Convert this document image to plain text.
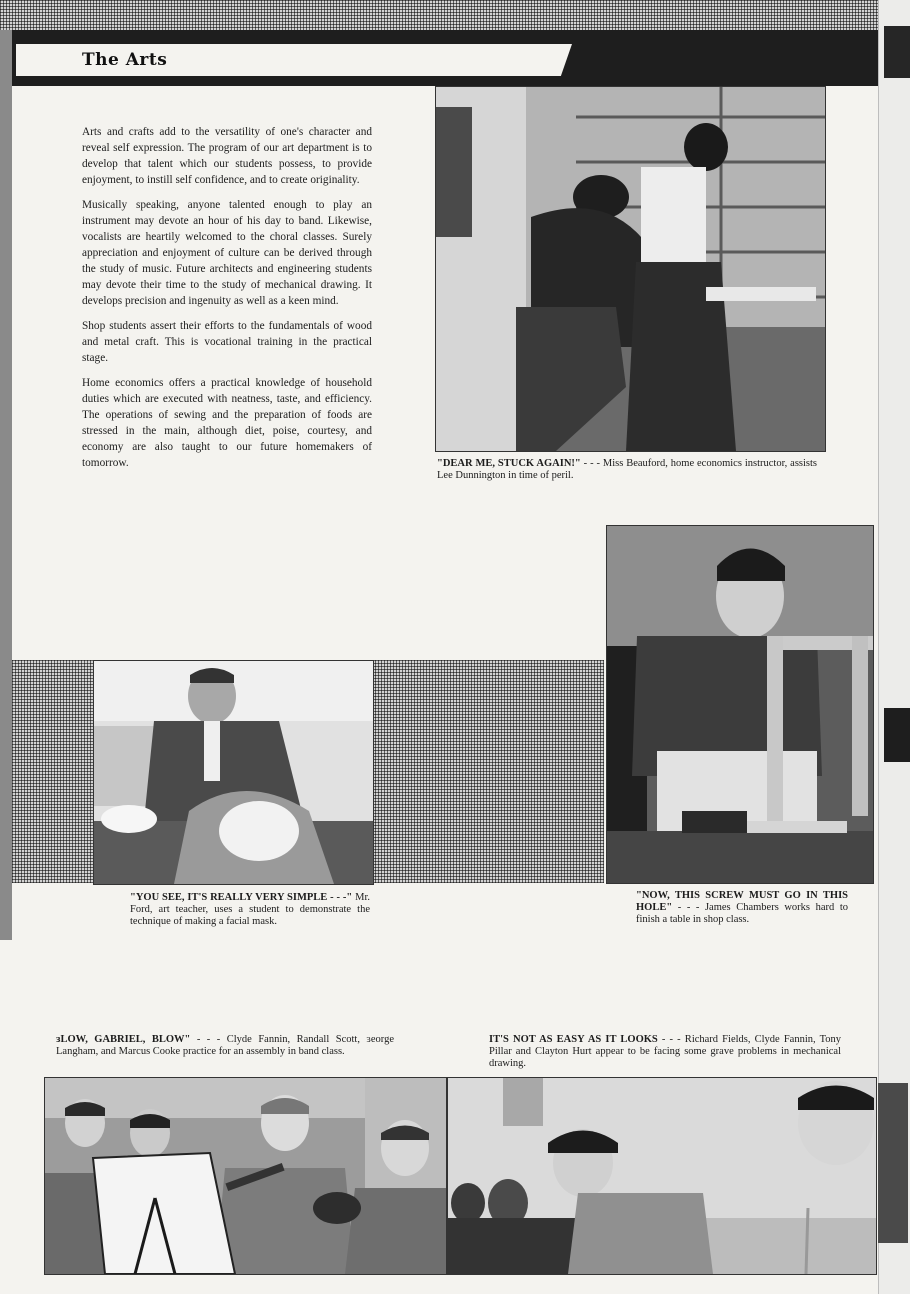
The Arts

Arts and crafts add to the versatility of one's character and reveal self expression. The program of our art department is to develop that talent which our students possess, to provide enjoyment, to instill self confidence, and to create originality.

Musically speaking, anyone talented enough to play an instrument may devote an hour of his day to band. Likewise, vocalists are heartily welcomed to the choral classes. Surely appreciation and enjoyment of culture can be derived through the study of music. Future architects and engineering students may devote their time to the study of mechanical drawing. It develops precision and ingenuity as well as a keen mind.

Shop students assert their efforts to the fundamentals of wood and metal craft. This is vocational training in the practical stage.

Home economics offers a practical knowledge of household duties which are executed with neatness, taste, and efficiency. The operations of sewing and the preparation of foods are stressed in the main, although diet, poise, courtesy, and economy are also taught to our future homemakers of tomorrow.	"DEAR ME, STUCK AGAIN!" - - - Miss Beauford, home economics instructor, assists Lee Dunnington in time of peril.
"NOW, THIS SCREW MUST GO IN THIS HOLE" - - - James Chambers works hard to finish a table in shop class.
"YOU SEE, IT'S REALLY VERY SIMPLE - - -" Mr. Ford, art teacher, uses a student to demonstrate the technique of making a facial mask.
ɜLOW, GABRIEL, BLOW" - - - Clyde Fannin, Randall Scott, ɜeorge Langham, and Marcus Cooke practice for an assembly in band class.
IT'S NOT AS EASY AS IT LOOKS - - - Richard Fields, Clyde Fannin, Tony Pillar and Clayton Hurt appear to be facing some grave problems in mechanical drawing.
